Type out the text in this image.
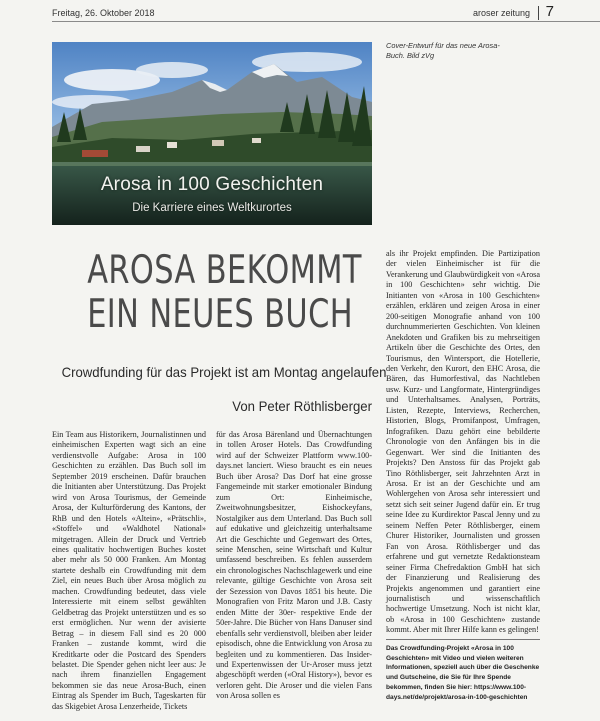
Freitag, 26. Oktober 2018	aroser zeitung 7
Arosa in 100 Geschichten
Die Karriere eines Weltkurortes
Cover-Entwurf für das neue Arosa-Buch. Bild zVg
AROSA BEKOMMT
EIN NEUES BUCH
Crowdfunding für das Projekt ist am Montag angelaufen
Von Peter Röthlisberger

Ein Team aus Historikern, Journalistinnen und einheimischen Experten wagt sich an eine verdienstvolle Aufgabe: Arosa in 100 Geschichten zu erzählen. Das Buch soll im September 2019 erscheinen. Dafür brauchen die Initianten aber Unterstützung. Das Projekt wird von Arosa Tourismus, der Gemeinde Arosa, der Kulturförderung des Kantons, der RhB und den Hotels «Altein», «Prätschli», «Stoffel» und «Waldhotel National» mitgetragen. Allein der Druck und Vertrieb eines qualitativ hochwertigen Buches kostet aber mehr als 50 000 Franken. Am Montag startete deshalb ein Crowdfunding mit dem Ziel, ein neues Buch über Arosa möglich zu machen. Crowdfunding bedeutet, dass viele Interessierte mit einem selbst gewählten Geldbetrag das Projekt unterstützen und es so erst ermöglichen. Nur wenn der avisierte Betrag – in diesem Fall sind es 20 000 Franken – zustande kommt, wird die Kreditkarte oder die Postcard des Spenders belastet. Die Spender gehen nicht leer aus: Je nach ihrem finanziellen Engagement bekommen sie das neue Arosa-Buch, einen Eintrag als Spender im Buch, Tageskarten für das Skigebiet Arosa Lenzerheide, Tickets

für das Arosa Bärenland und Übernachtungen in tollen Aroser Hotels. Das Crowdfunding wird auf der Schweizer Plattform www.100-days.net lanciert. Wieso braucht es ein neues Buch über Arosa? Das Dorf hat eine grosse Fangemeinde mit starker emotionaler Bindung zum Ort: Einheimische, Zweitwohnungsbesitzer, Eishockeyfans, Nostalgiker aus dem Unterland. Das Buch soll auf edukative und gleichzeitig unterhaltsame Art die Geschichte und Gegenwart des Ortes, seine Menschen, seine Wirtschaft und Kultur umfassend beschreiben. Es fehlen ausserdem ein chronologisches Nachschlagewerk und eine relevante, gültige Geschichte von Arosa seit der Sezession von Davos 1851 bis heute. Die Monografien von Fritz Maron und J.B. Casty enden Mitte der 30er- respektive Ende der 50er-Jahre. Die Bücher von Hans Danuser sind ebenfalls sehr verdienstvoll, bleiben aber leider episodisch, ohne die Entwicklung von Arosa zu begleiten und zu kommentieren. Das Insider- und Expertenwissen der Ur-Aroser muss jetzt abgeschöpft werden («Oral History»), bevor es verloren geht. Die Aroser und die vielen Fans von Arosa sollen es

als ihr Projekt empfinden. Die Partizipation der vielen Einheimischer ist für die Verankerung und Glaubwürdigkeit von «Arosa in 100 Geschichten» sehr wichtig. Die Initianten von «Arosa in 100 Geschichten» erzählen, erklären und zeigen Arosa in einer 200-seitigen Monografie anhand von 100 durchnummerierten Geschichten. Von kleinen Anekdoten und Grafiken bis zu mehrseitigen Artikeln über die Geschichte des Ortes, den Tourismus, den Wintersport, die Hotellerie, den Verkehr, den Kurort, den EHC Arosa, die Bären, das Humorfestival, das Nachtleben usw. Kurz- und Langformate, Hintergründiges und Unterhaltsames. Analysen, Porträts, Listen, Rezepte, Interviews, Recherchen, Historien, Blogs, Promifanpost, Umfragen, Infografiken. Dazu gehört eine bebilderte Chronologie von den Anfängen bis in die Gegenwart. Wer sind die Initianten des Projekts? Den Anstoss für das Projekt gab Tino Röthlisberger, seit Jahrzehnten Arzt in Arosa. Er ist an der Geschichte und am Wohlergehen von Arosa sehr interessiert und setzt sich seit seiner Jugend dafür ein. Er trug seine Idee zu Kurdirektor Pascal Jenny und zu seinem Neffen Peter Röthlisberger, einem Churer Historiker, Journalisten und grossen Fan von Arosa. Röthlisberger und das erfahrene und gut vernetzte Redaktionsteam seiner Firma Chefredaktion GmbH hat sich der Finanzierung und Realisierung des Projekts angenommen und garantiert eine journalistisch und wissenschaftlich hochwertige Umsetzung. Noch ist nicht klar, ob «Arosa in 100 Geschichten» zustande kommt. Aber mit Ihrer Hilfe kann es gelingen!

Das Crowdfunding-Projekt «Arosa in 100 Geschichten» mit Video und vielen weiteren Informationen, speziell auch über die Geschenke und Gutscheine, die Sie für Ihre Spende bekommen, finden Sie hier: https://www.100-days.net/de/projekt/arosa-in-100-geschichten
